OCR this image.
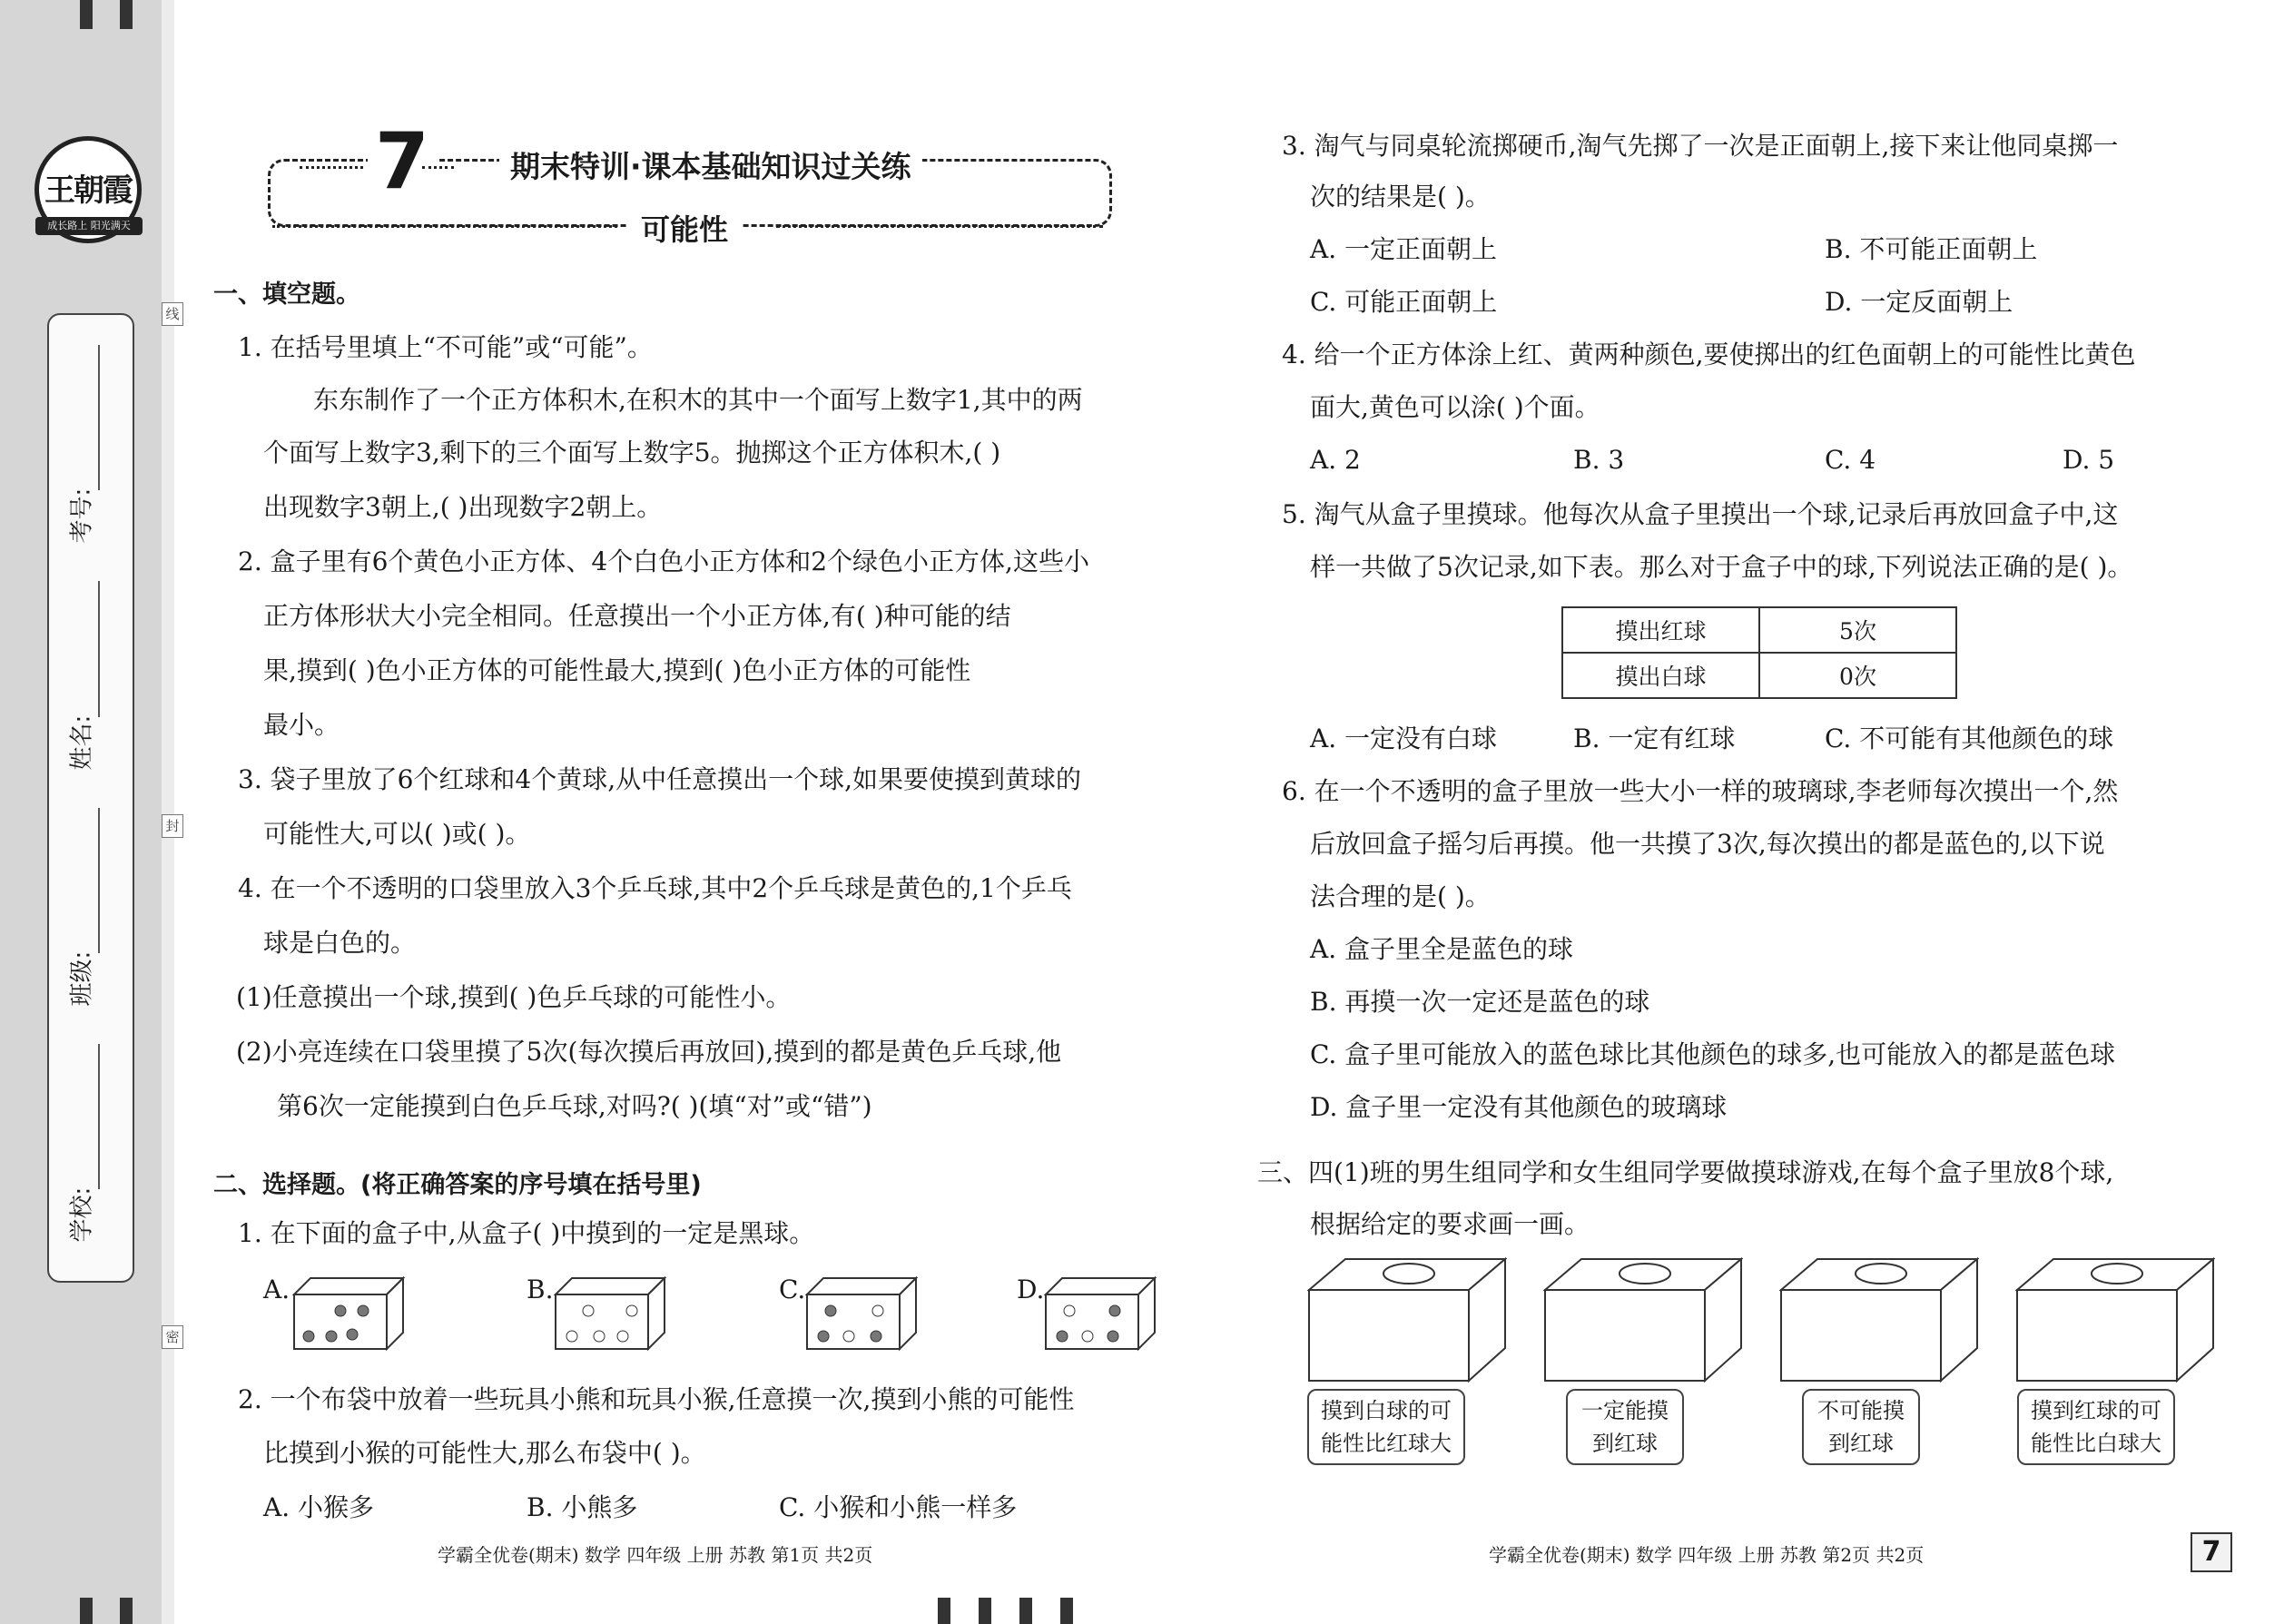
王朝霞
成长路上 阳光满天
考号:
姓名:
班级:
学校:
线
封
密
7	期末特训·课本基础知识过关练
可能性
一、填空题。
1. 在括号里填上“不可能”或“可能”。
东东制作了一个正方体积木,在积木的其中一个面写上数字1,其中的两
个面写上数字3,剩下的三个面写上数字5。抛掷这个正方体积木,( )
出现数字3朝上,( )出现数字2朝上。
2. 盒子里有6个黄色小正方体、4个白色小正方体和2个绿色小正方体,这些小
正方体形状大小完全相同。任意摸出一个小正方体,有( )种可能的结
果,摸到( )色小正方体的可能性最大,摸到( )色小正方体的可能性
最小。
3. 袋子里放了6个红球和4个黄球,从中任意摸出一个球,如果要使摸到黄球的
可能性大,可以( )或( )。
4. 在一个不透明的口袋里放入3个乒乓球,其中2个乒乓球是黄色的,1个乒乓
球是白色的。
(1)任意摸出一个球,摸到( )色乒乓球的可能性小。
(2)小亮连续在口袋里摸了5次(每次摸后再放回),摸到的都是黄色乒乓球,他
第6次一定能摸到白色乒乓球,对吗?( )(填“对”或“错”)
二、选择题。(将正确答案的序号填在括号里)
1. 在下面的盒子中,从盒子( )中摸到的一定是黑球。
A.	B.	C.	D.
2. 一个布袋中放着一些玩具小熊和玩具小猴,任意摸一次,摸到小熊的可能性
比摸到小猴的可能性大,那么布袋中( )。
A. 小猴多	B. 小熊多	C. 小猴和小熊一样多
3. 淘气与同桌轮流掷硬币,淘气先掷了一次是正面朝上,接下来让他同桌掷一
次的结果是( )。
A. 一定正面朝上	B. 不可能正面朝上
C. 可能正面朝上	D. 一定反面朝上
4. 给一个正方体涂上红、黄两种颜色,要使掷出的红色面朝上的可能性比黄色
面大,黄色可以涂( )个面。
A. 2	B. 3	C. 4	D. 5
5. 淘气从盒子里摸球。他每次从盒子里摸出一个球,记录后再放回盒子中,这
样一共做了5次记录,如下表。那么对于盒子中的球,下列说法正确的是( )。
摸出红球	5次
摸出白球	0次
A. 一定没有白球	B. 一定有红球	C. 不可能有其他颜色的球
6. 在一个不透明的盒子里放一些大小一样的玻璃球,李老师每次摸出一个,然
后放回盒子摇匀后再摸。他一共摸了3次,每次摸出的都是蓝色的,以下说
法合理的是( )。
A. 盒子里全是蓝色的球
B. 再摸一次一定还是蓝色的球
C. 盒子里可能放入的蓝色球比其他颜色的球多,也可能放入的都是蓝色球
D. 盒子里一定没有其他颜色的玻璃球
三、四(1)班的男生组同学和女生组同学要做摸球游戏,在每个盒子里放8个球,
根据给定的要求画一画。
摸到白球的可
能性比红球大
一定能摸
到红球
不可能摸
到红球
摸到红球的可
能性比白球大
学霸全优卷(期末) 数学 四年级 上册 苏教 第1页 共2页	学霸全优卷(期末) 数学 四年级 上册 苏教 第2页 共2页	7
